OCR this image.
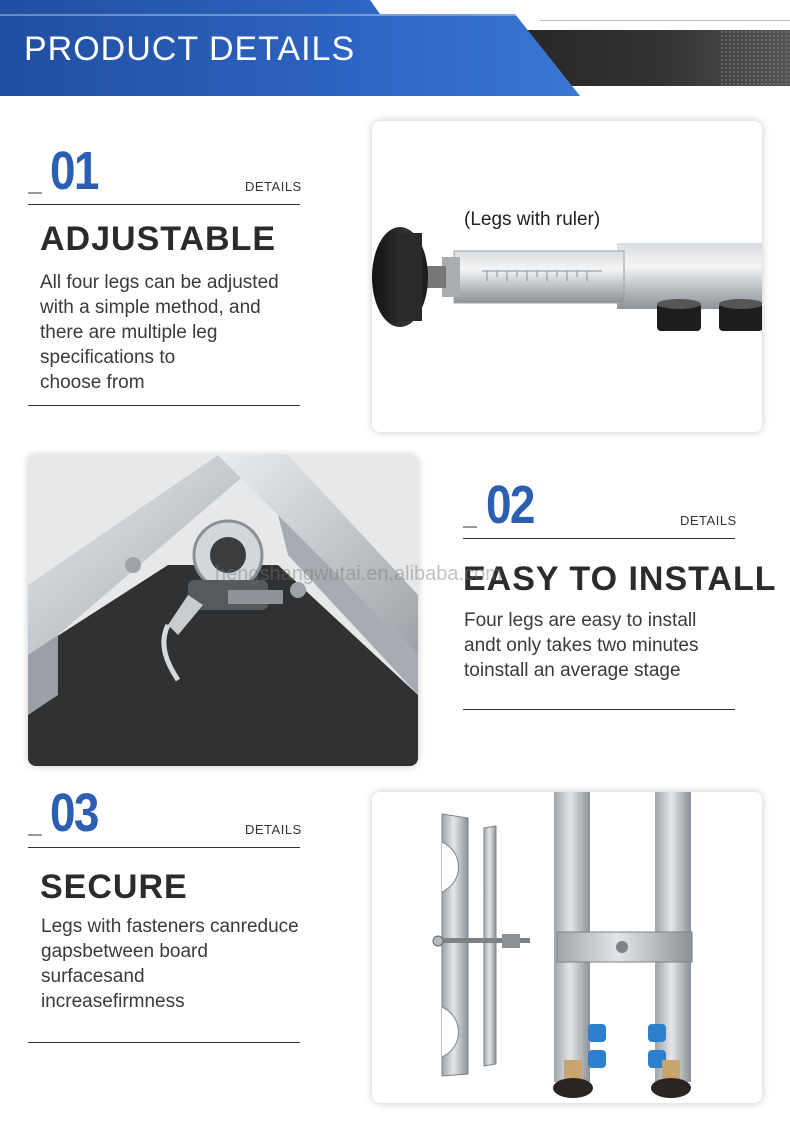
PRODUCT DETAILS
01	DETAILS
ADJUSTABLE
All four legs can be adjusted
with a simple method, and
there are multiple leg
specifications to
choose from
(Legs with ruler)
02	DETAILS
EASY TO INSTALL
Four legs are easy to install
andt only takes two minutes
toinstall an average stage
hengshangwutai.en.alibaba.com
03	DETAILS
SECURE
Legs with fasteners canreduce
gapsbetween board
surfacesand
increasefirmness
